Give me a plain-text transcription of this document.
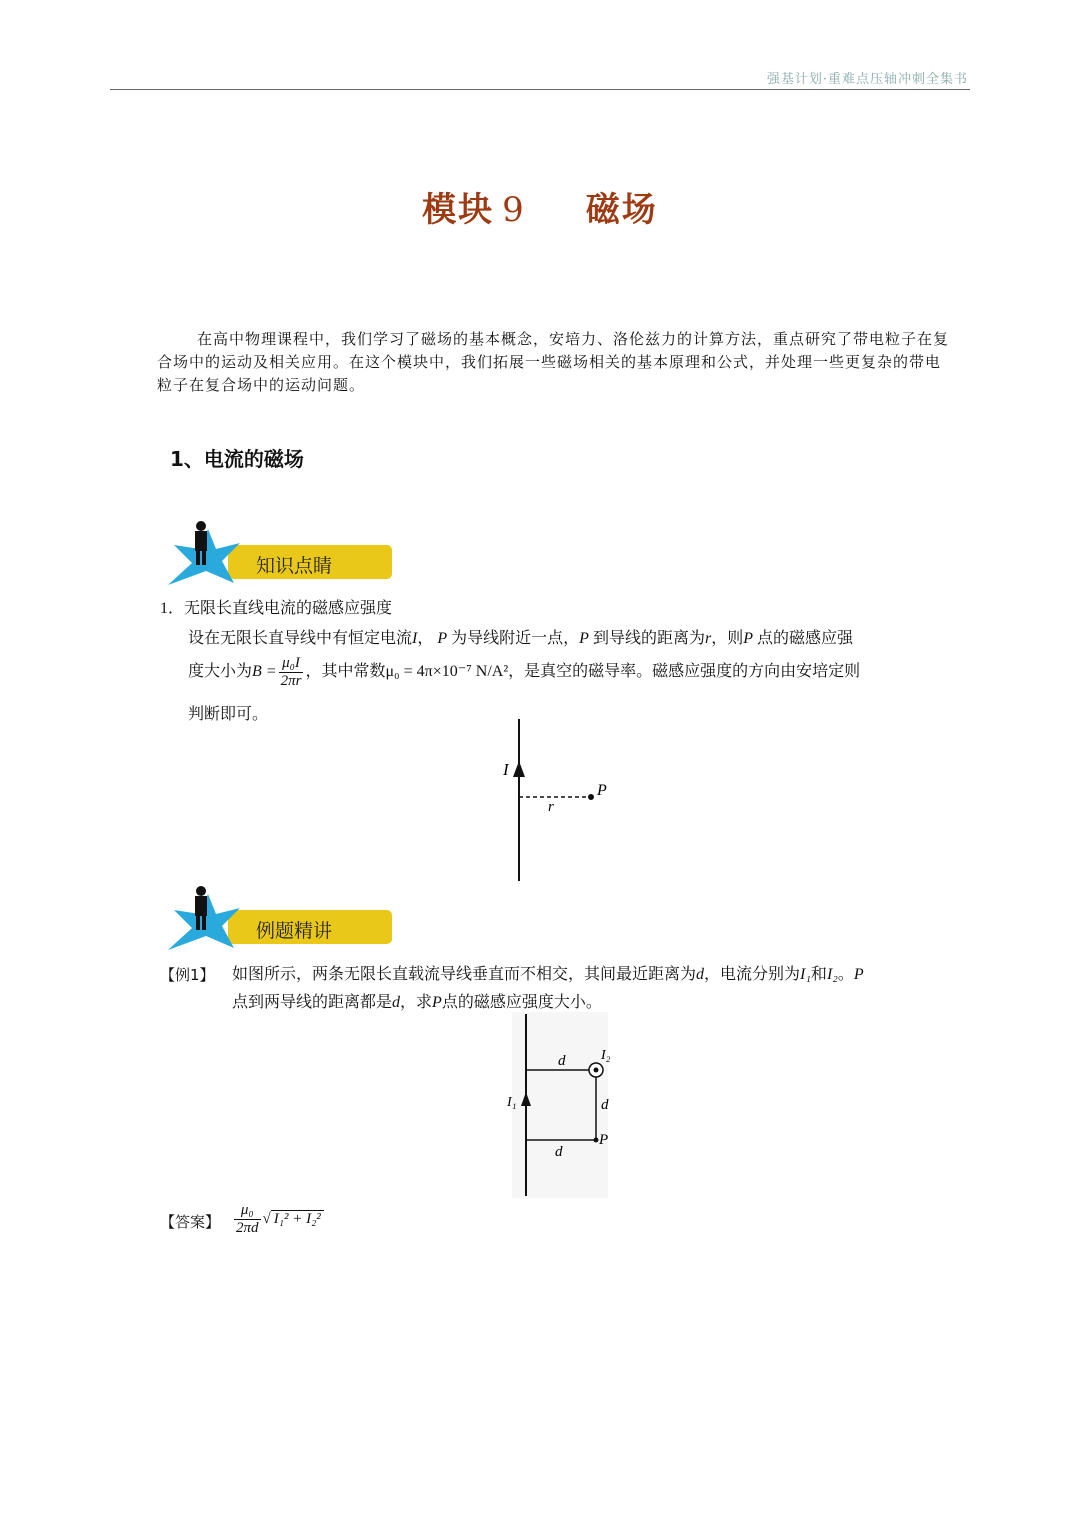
强基计划·重难点压轴冲刺全集书
模块 9 磁场
在高中物理课程中，我们学习了磁场的基本概念，安培力、洛伦兹力的计算方法，重点研究了带电粒子在复合场中的运动及相关应用。在这个模块中，我们拓展一些磁场相关的基本原理和公式，并处理一些更复杂的带电粒子在复合场中的运动问题。
1、电流的磁场
知识点睛
1．无限长直线电流的磁感应强度
设在无限长直导线中有恒定电流I， P 为导线附近一点，P 到导线的距离为r，则P 点的磁感应强
度大小为$B = \frac{\text{μ₀I}}{2\pi r}$ ，其中常数μ₀ = 4π×10⁻⁷ N/A²，是真空的磁导率。磁感应强度的方向由安培定则
判断即可。
I
P
r
例题精讲
【例1】 如图所示，两条无限长直载流导线垂直而不相交，其间最近距离为d，电流分别为I₁和I₂。P
点到两导线的距离都是d，求P点的磁感应强度大小。
d	I₂
I₁	d
P
d
【答案】 $\frac{\text{μ₀}}{2\pi d}$ √ I₁² + I₂²
